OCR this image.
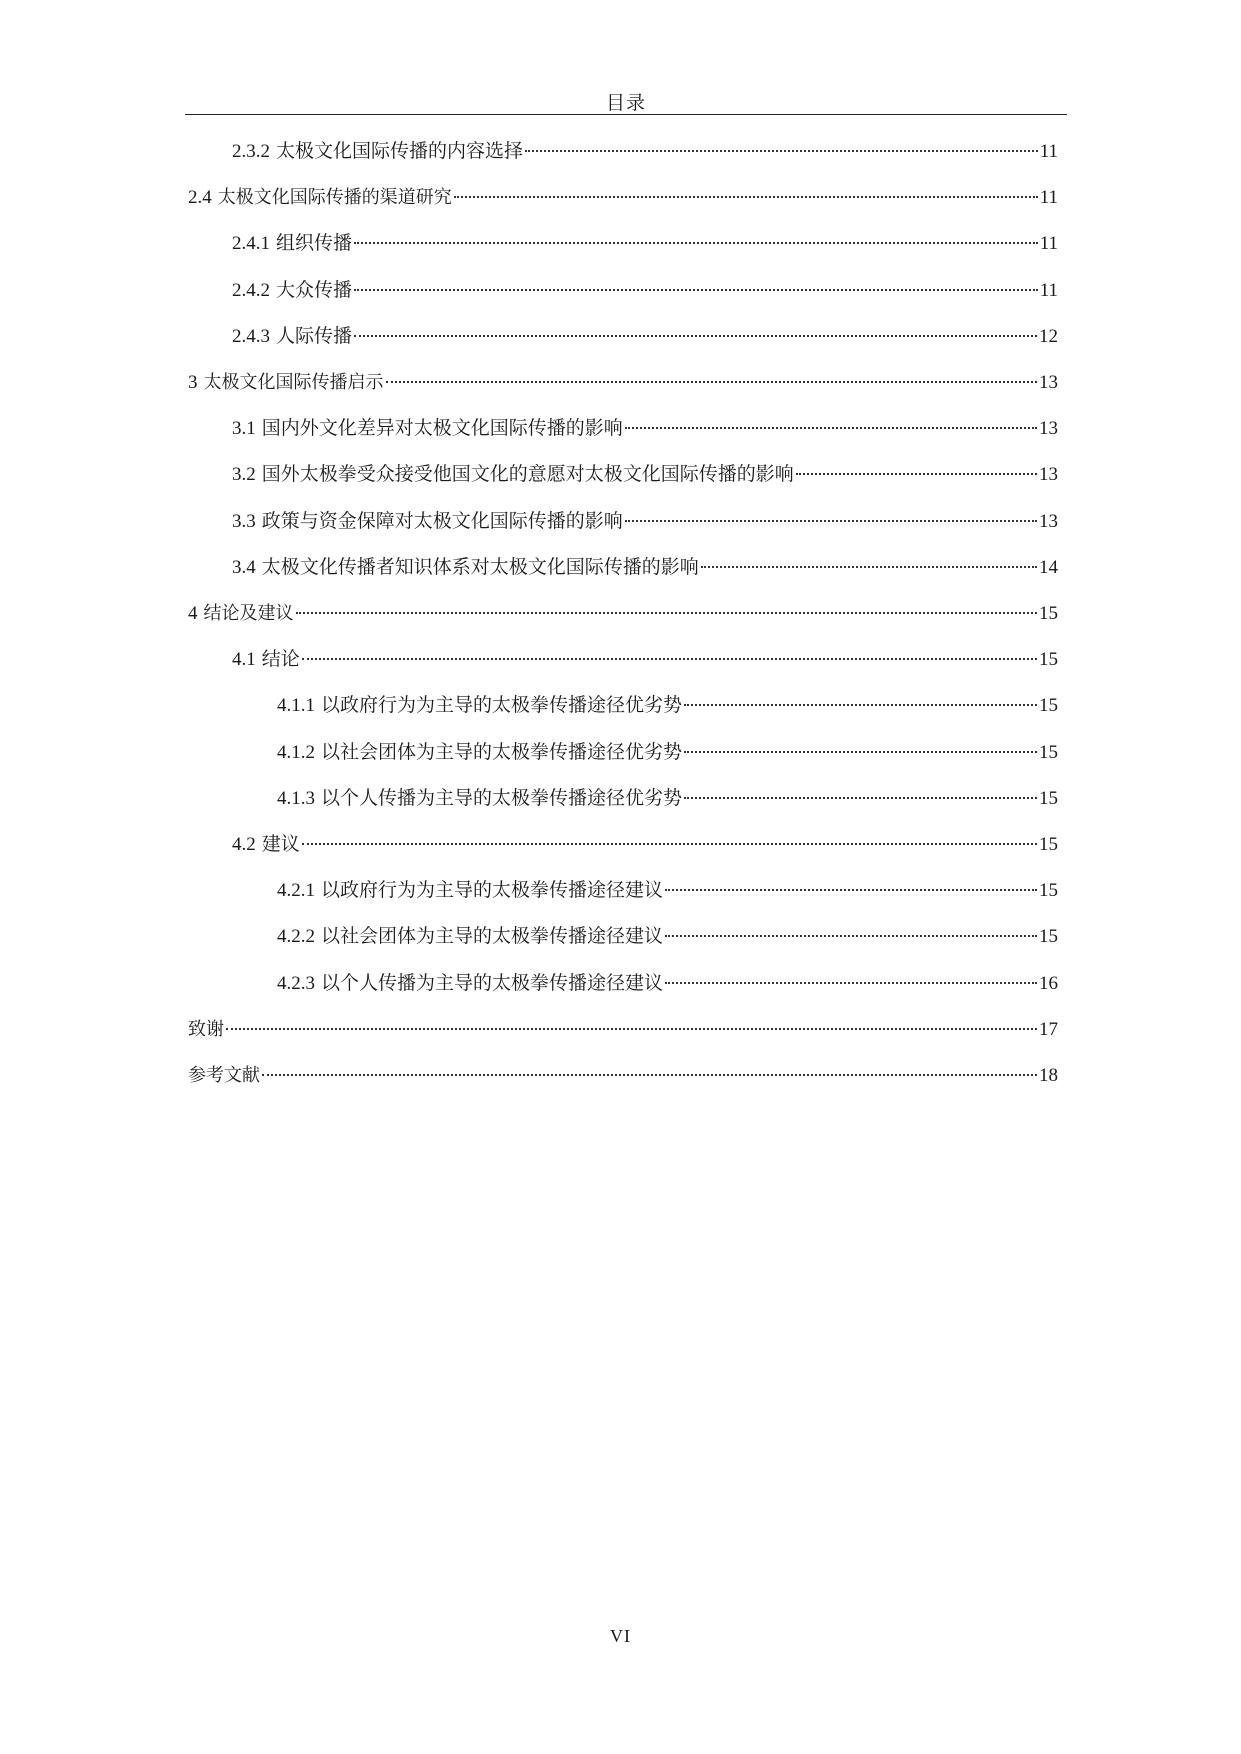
目录
2.3.2 太极文化国际传播的内容选择	11
2.4 太极文化国际传播的渠道研究	11
2.4.1 组织传播	11
2.4.2 大众传播	11
2.4.3 人际传播	12
3 太极文化国际传播启示	13
3.1 国内外文化差异对太极文化国际传播的影响	13
3.2 国外太极拳受众接受他国文化的意愿对太极文化国际传播的影响	13
3.3 政策与资金保障对太极文化国际传播的影响	13
3.4 太极文化传播者知识体系对太极文化国际传播的影响	14
4 结论及建议	15
4.1 结论	15
4.1.1 以政府行为为主导的太极拳传播途径优劣势	15
4.1.2 以社会团体为主导的太极拳传播途径优劣势	15
4.1.3 以个人传播为主导的太极拳传播途径优劣势	15
4.2 建议	15
4.2.1 以政府行为为主导的太极拳传播途径建议	15
4.2.2 以社会团体为主导的太极拳传播途径建议	15
4.2.3 以个人传播为主导的太极拳传播途径建议	16
致谢	17
参考文献	18
VI
